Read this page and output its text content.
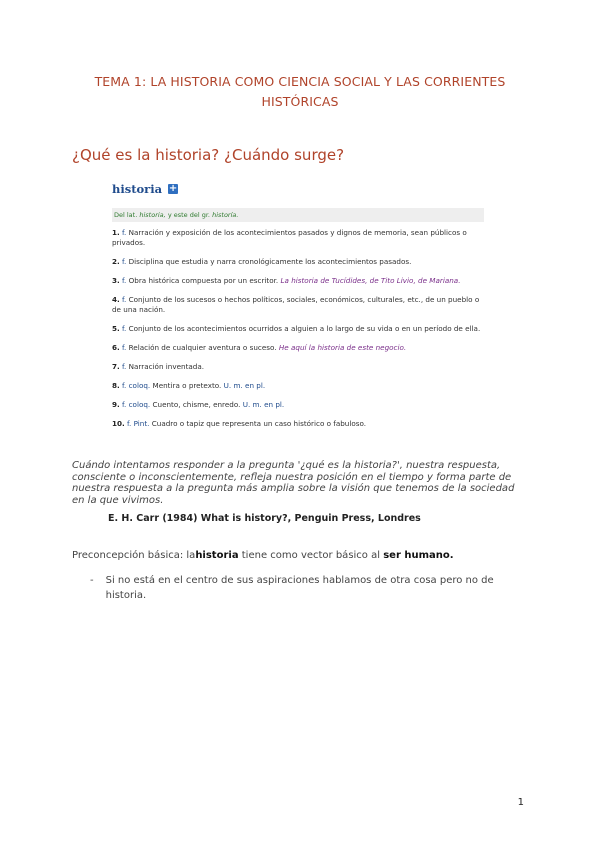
TEMA 1: LA HISTORIA COMO CIENCIA SOCIAL Y LAS CORRIENTES HISTÓRICAS
¿Qué es la historia? ¿Cuándo surge?
historia +
Del lat. historia, y este del gr. historía.
1. f. Narración y exposición de los acontecimientos pasados y dignos de memoria, sean públicos o privados.
2. f. Disciplina que estudia y narra cronológicamente los acontecimientos pasados.
3. f. Obra histórica compuesta por un escritor. La historia de Tucídides, de Tito Livio, de Mariana.
4. f. Conjunto de los sucesos o hechos políticos, sociales, económicos, culturales, etc., de un pueblo o de una nación.
5. f. Conjunto de los acontecimientos ocurridos a alguien a lo largo de su vida o en un período de ella.
6. f. Relación de cualquier aventura o suceso. He aquí la historia de este negocio.
7. f. Narración inventada.
8. f. coloq. Mentira o pretexto. U. m. en pl.
9. f. coloq. Cuento, chisme, enredo. U. m. en pl.
10. f. Pint. Cuadro o tapiz que representa un caso histórico o fabuloso.

Cuándo intentamos responder a la pregunta '¿qué es la historia?', nuestra respuesta, consciente o inconscientemente, refleja nuestra posición en el tiempo y forma parte de nuestra respuesta a la pregunta más amplia sobre la visión que tenemos de la sociedad en la que vivimos.

E. H. Carr (1984) What is history?, Penguin Press, Londres
Preconcepción básica: lahistoria tiene como vector básico al ser humano.
- Si no está en el centro de sus aspiraciones hablamos de otra cosa pero no de historia.
1
